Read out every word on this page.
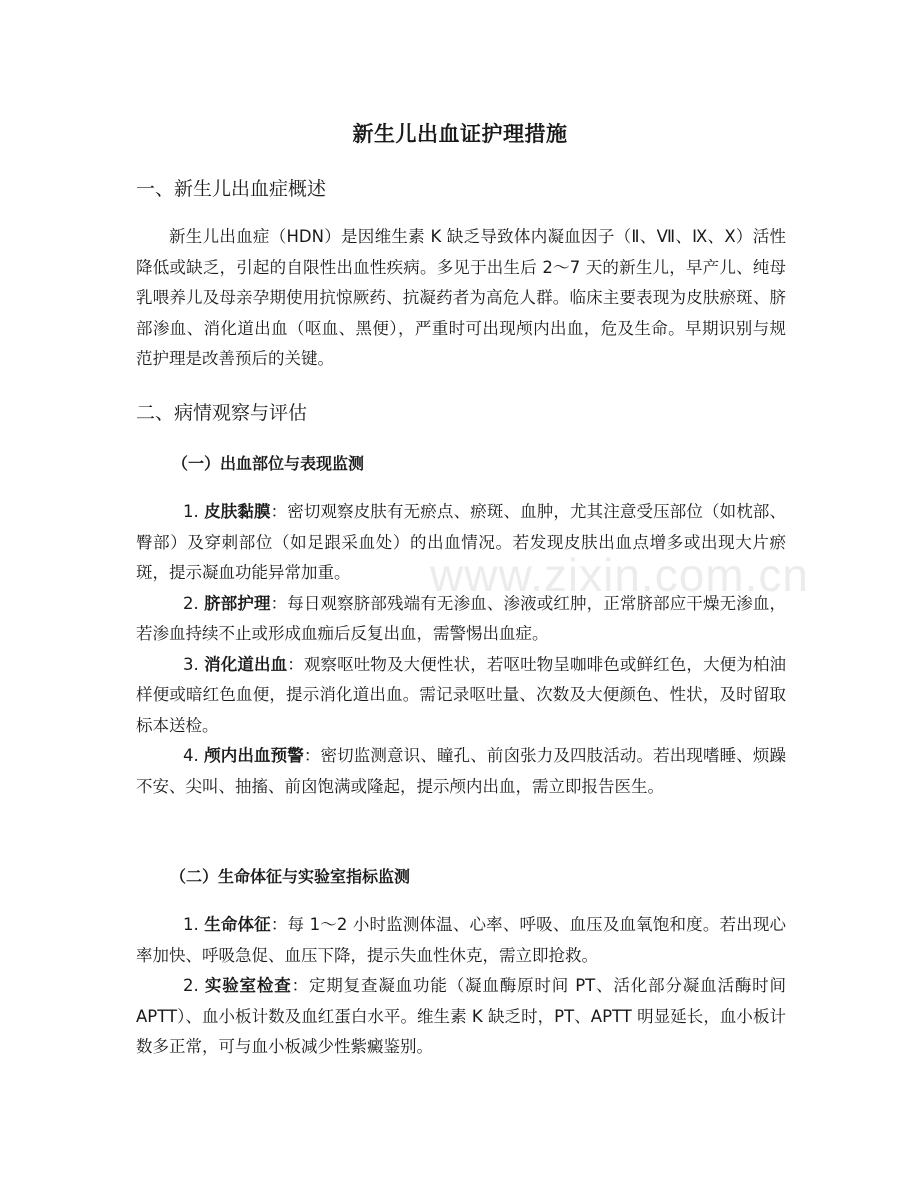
www.zixin.com.cn
新生儿出血证护理措施
一、新生儿出血症概述

新生儿出血症（HDN）是因维生素 K 缺乏导致体内凝血因子（Ⅱ、Ⅶ、Ⅸ、Ⅹ）活性降低或缺乏，引起的自限性出血性疾病。多见于出生后 2～7 天的新生儿，早产儿、纯母乳喂养儿及母亲孕期使用抗惊厥药、抗凝药者为高危人群。临床主要表现为皮肤瘀斑、脐部渗血、消化道出血（呕血、黑便），严重时可出现颅内出血，危及生命。早期识别与规范护理是改善预后的关键。

二、病情观察与评估
（一）出血部位与表现监测

1. 皮肤黏膜：密切观察皮肤有无瘀点、瘀斑、血肿，尤其注意受压部位（如枕部、臀部）及穿刺部位（如足跟采血处）的出血情况。若发现皮肤出血点增多或出现大片瘀斑，提示凝血功能异常加重。

2. 脐部护理：每日观察脐部残端有无渗血、渗液或红肿，正常脐部应干燥无渗血，若渗血持续不止或形成血痂后反复出血，需警惕出血症。

3. 消化道出血：观察呕吐物及大便性状，若呕吐物呈咖啡色或鲜红色，大便为柏油样便或暗红色血便，提示消化道出血。需记录呕吐量、次数及大便颜色、性状，及时留取标本送检。

4. 颅内出血预警：密切监测意识、瞳孔、前囟张力及四肢活动。若出现嗜睡、烦躁不安、尖叫、抽搐、前囟饱满或隆起，提示颅内出血，需立即报告医生。

（二）生命体征与实验室指标监测

1. 生命体征：每 1～2 小时监测体温、心率、呼吸、血压及血氧饱和度。若出现心率加快、呼吸急促、血压下降，提示失血性休克，需立即抢救。

2. 实验室检查：定期复查凝血功能（凝血酶原时间 PT、活化部分凝血活酶时间 APTT）、血小板计数及血红蛋白水平。维生素 K 缺乏时，PT、APTT 明显延长，血小板计数多正常，可与血小板减少性紫癜鉴别。
